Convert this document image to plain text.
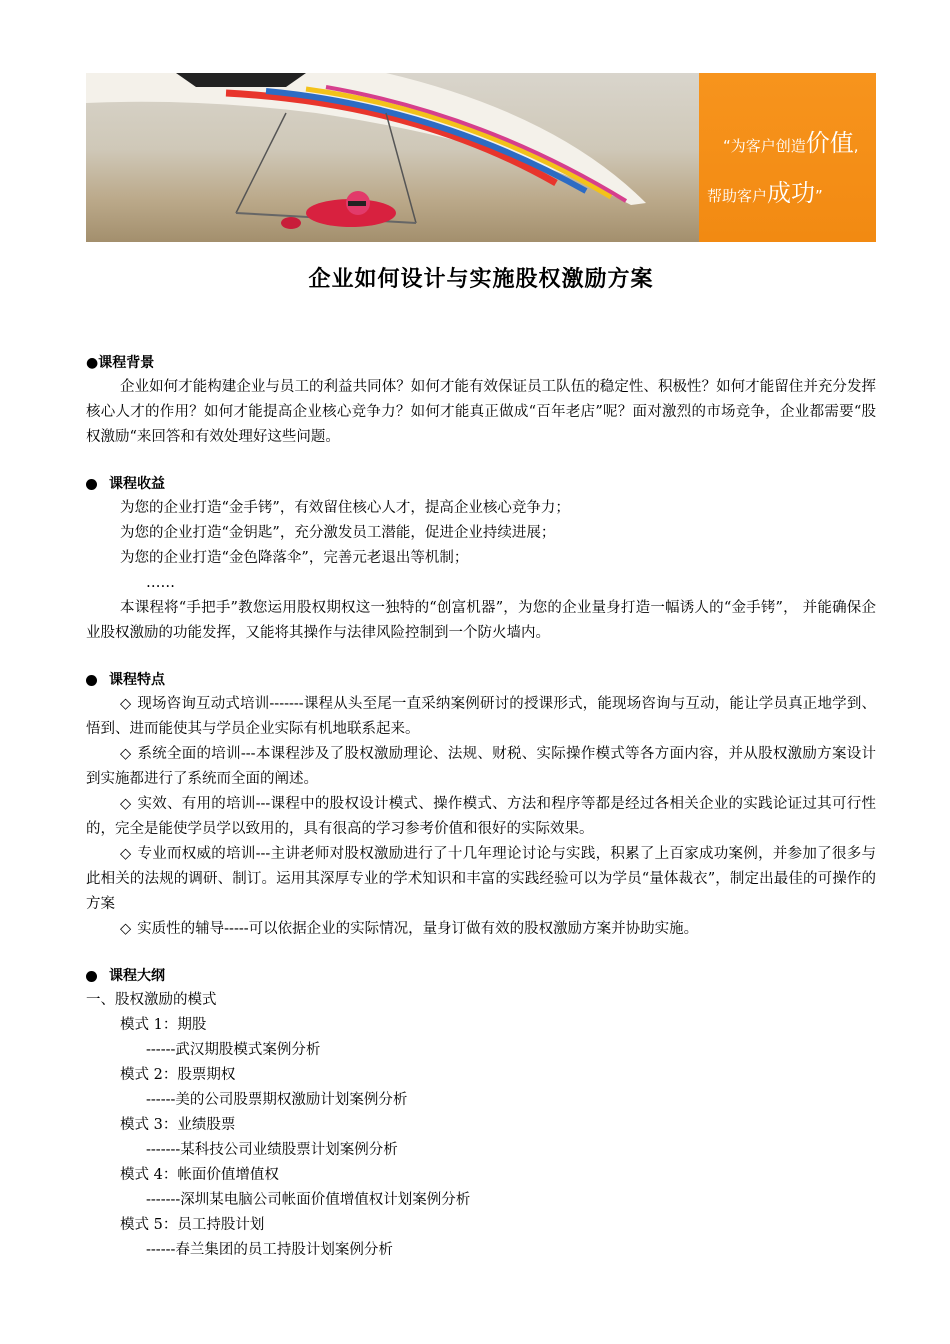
“为客户创造价值,
帮助客户成功”
企业如何设计与实施股权激励方案
●课程背景

企业如何才能构建企业与员工的利益共同体？如何才能有效保证员工队伍的稳定性、积极性？如何才能留住并充分发挥核心人才的作用？如何才能提高企业核心竞争力？如何才能真正做成“百年老店”呢？面对激烈的市场竞争，企业都需要“股权激励“来回答和有效处理好这些问题。

课程收益
为您的企业打造“金手铐”，有效留住核心人才，提高企业核心竞争力；
为您的企业打造“金钥匙”，充分激发员工潜能，促进企业持续进展；
为您的企业打造“金色降落伞”，完善元老退出等机制；
……

本课程将“手把手”教您运用股权期权这一独特的“创富机器”，为您的企业量身打造一幅诱人的“金手铐”， 并能确保企业股权激励的功能发挥，又能将其操作与法律风险控制到一个防火墙内。

课程特点

◇ 现场咨询互动式培训-------课程从头至尾一直采纳案例研讨的授课形式，能现场咨询与互动，能让学员真正地学到、悟到、进而能使其与学员企业实际有机地联系起来。

◇ 系统全面的培训---本课程涉及了股权激励理论、法规、财税、实际操作模式等各方面内容，并从股权激励方案设计到实施都进行了系统而全面的阐述。

◇ 实效、有用的培训---课程中的股权设计模式、操作模式、方法和程序等都是经过各相关企业的实践论证过其可行性的，完全是能使学员学以致用的，具有很高的学习参考价值和很好的实际效果。

◇ 专业而权威的培训---主讲老师对股权激励进行了十几年理论讨论与实践，积累了上百家成功案例，并参加了很多与此相关的法规的调研、制订。运用其深厚专业的学术知识和丰富的实践经验可以为学员“量体裁衣”，制定出最佳的可操作的方案

◇ 实质性的辅导-----可以依据企业的实际情况，量身订做有效的股权激励方案并协助实施。

课程大纲
一、股权激励的模式
模式 1：期股
------武汉期股模式案例分析
模式 2：股票期权
------美的公司股票期权激励计划案例分析
模式 3：业绩股票
-------某科技公司业绩股票计划案例分析
模式 4：帐面价值增值权
-------深圳某电脑公司帐面价值增值权计划案例分析
模式 5：员工持股计划
------春兰集团的员工持股计划案例分析
